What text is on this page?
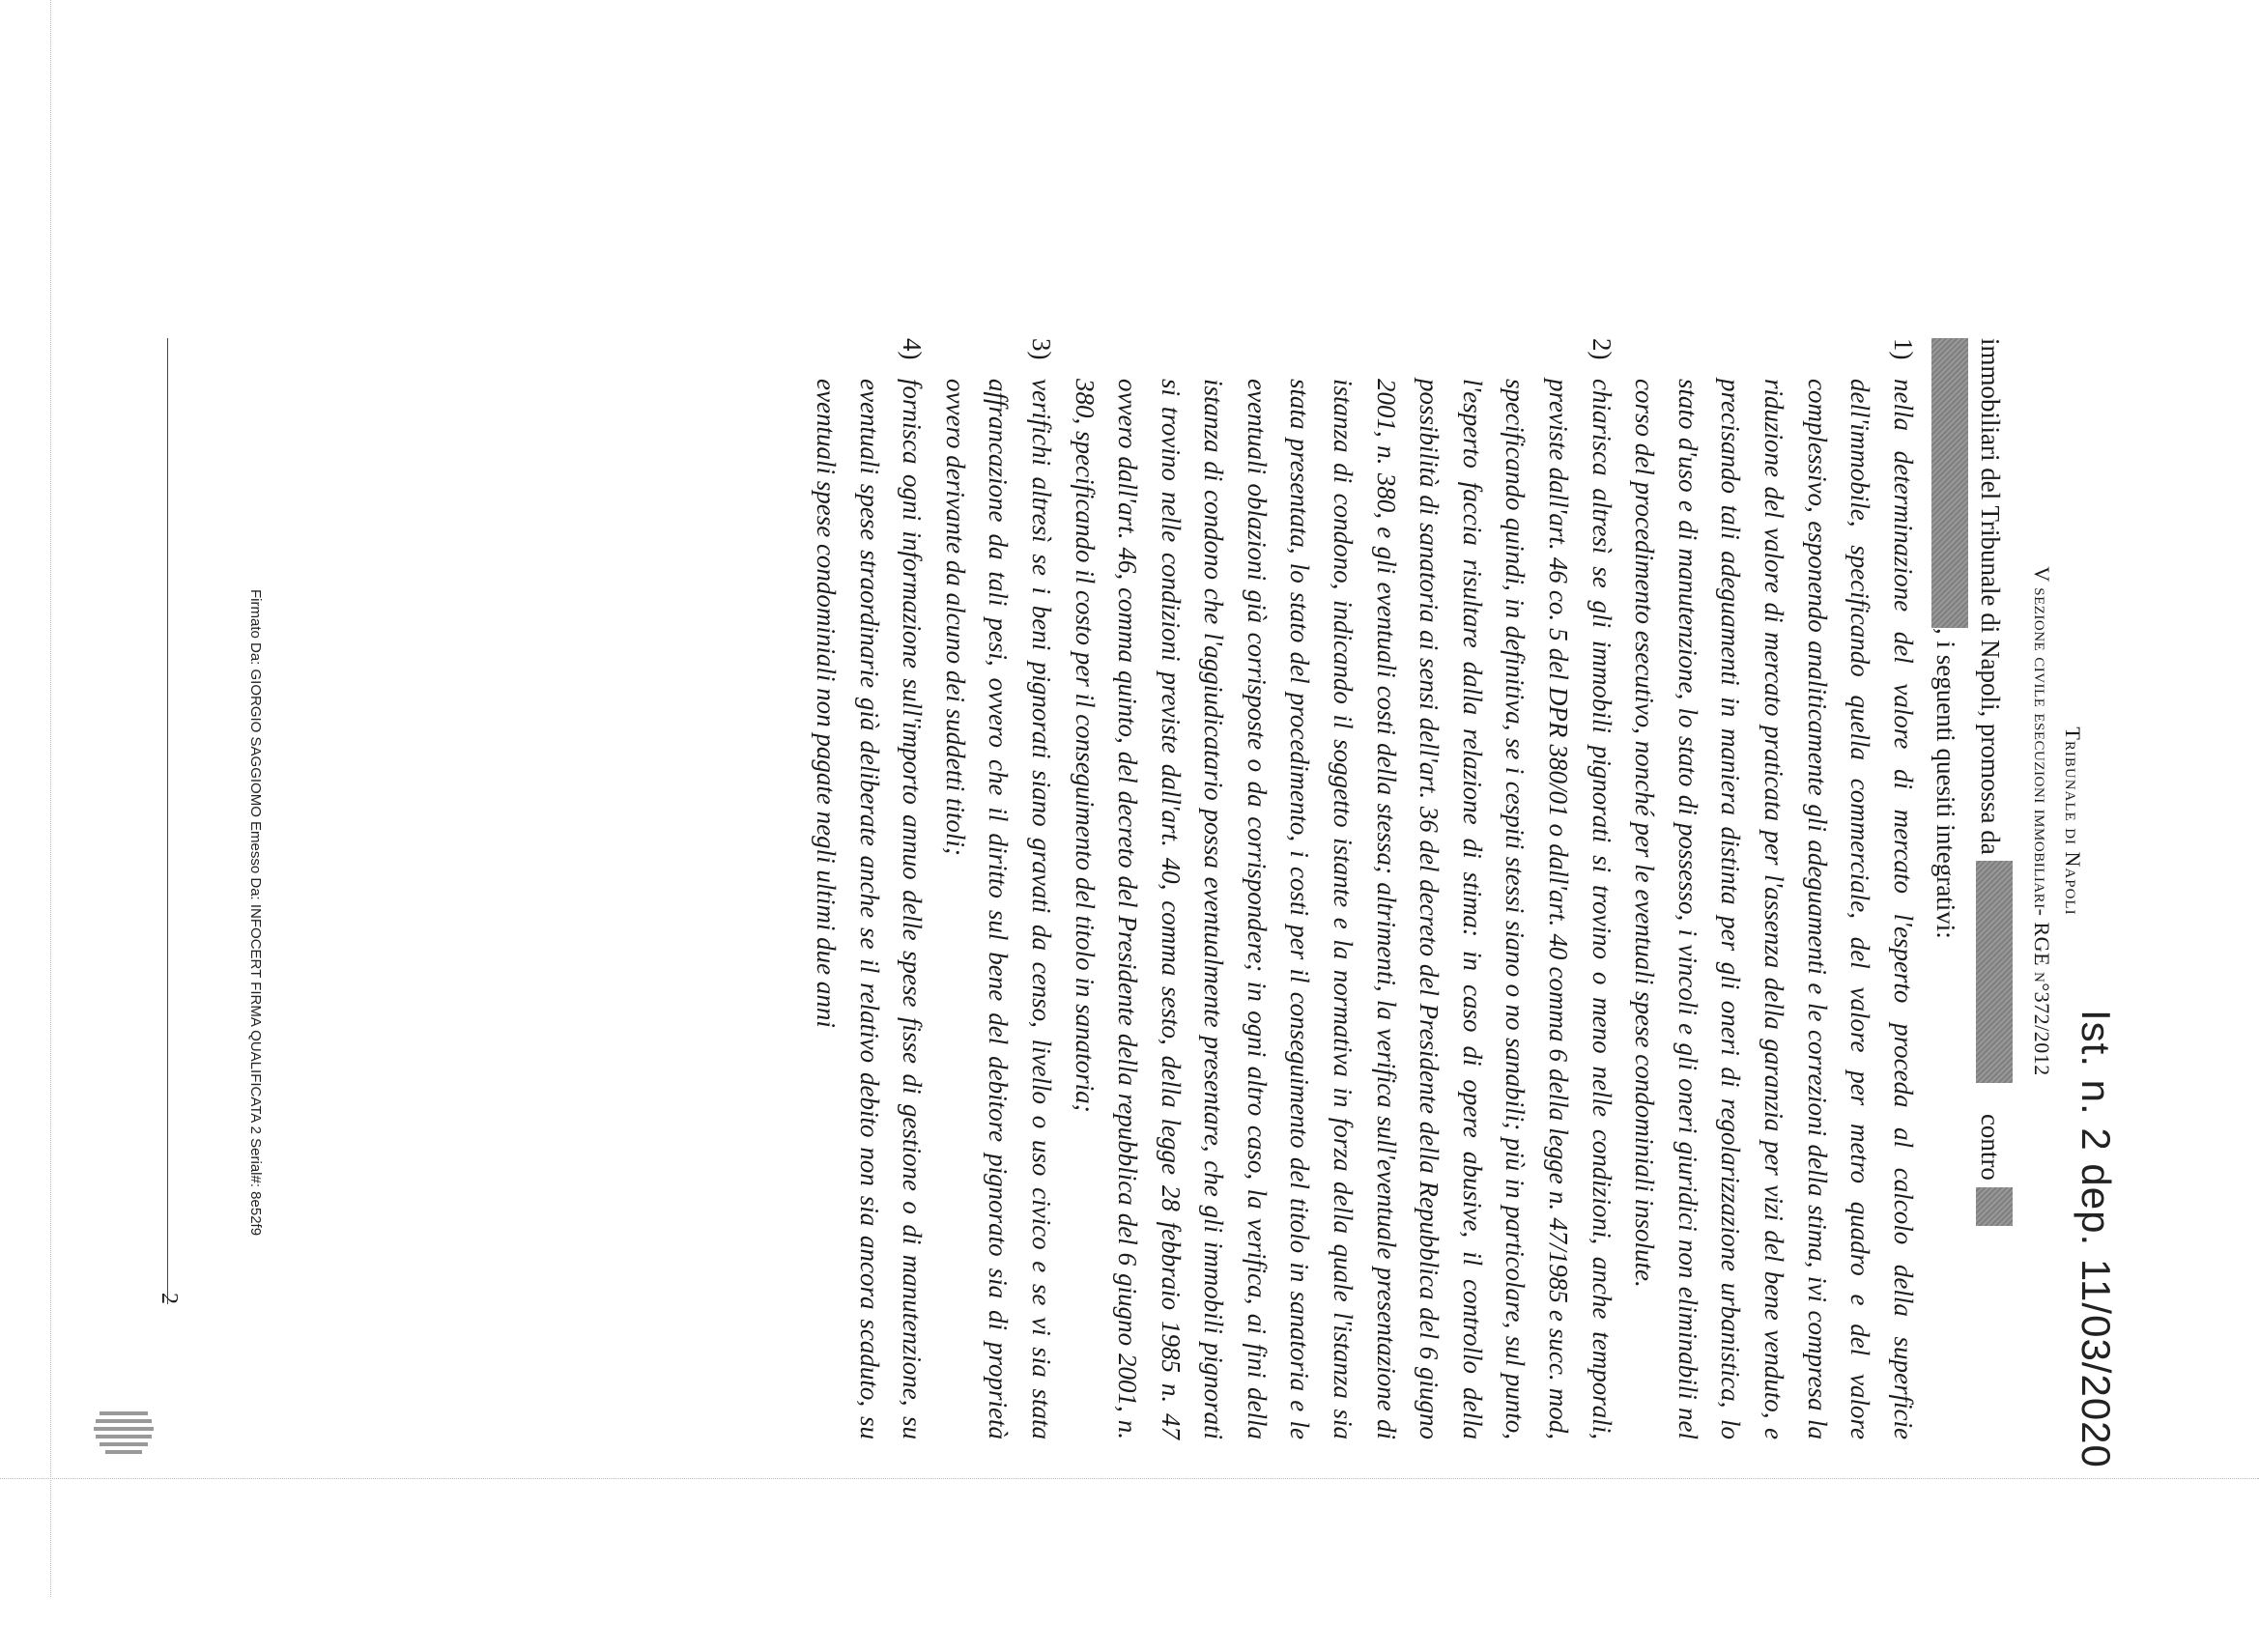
Ist. n. 2 dep. 11/03/2020
Tribunale di Napoli
V sezione civile esecuzioni immobiliari- RGE n°372/2012
immobiliari del Tribunale di Napoli, promossa da   contro
, i seguenti quesiti integrativi:
1)
nella determinazione del valore di mercato l'esperto proceda al calcolo della superficie dell'immobile, specificando quella commerciale, del valore per metro quadro e del valore complessivo, esponendo analiticamente gli adeguamenti e le correzioni della stima, ivi compresa la riduzione del valore di mercato praticata per l'assenza della garanzia per vizi del bene venduto, e precisando tali adeguamenti in maniera distinta per gli oneri di regolarizzazione urbanistica, lo stato d'uso e di manutenzione, lo stato di possesso, i vincoli e gli oneri giuridici non eliminabili nel corso del procedimento esecutivo, nonché per le eventuali spese condominiali insolute.
2)
chiarisca altresì se gli immobili pignorati si trovino o meno nelle condizioni, anche temporali, previste dall'art. 46 co. 5 del DPR 380/01 o dall'art. 40 comma 6 della legge n. 47/1985 e succ. mod, specificando quindi, in definitiva, se i cespiti stessi siano o no sanabili; più in particolare, sul punto, l'esperto faccia risultare dalla relazione di stima: in caso di opere abusive, il controllo della possibilità di sanatoria ai sensi dell'art. 36 del decreto del Presidente della Repubblica del 6 giugno 2001, n. 380, e gli eventuali costi della stessa; altrimenti, la verifica sull'eventuale presentazione di istanza di condono, indicando il soggetto istante e la normativa in forza della quale l'istanza sia stata presentata, lo stato del procedimento, i costi per il conseguimento del titolo in sanatoria e le eventuali oblazioni già corrisposte o da corrispondere; in ogni altro caso, la verifica, ai fini della istanza di condono che l'aggiudicatario possa eventualmente presentare, che gli immobili pignorati si trovino nelle condizioni previste dall'art. 40, comma sesto, della legge 28 febbraio 1985 n. 47 ovvero dall'art. 46, comma quinto, del decreto del Presidente della repubblica del 6 giugno 2001, n. 380, specificando il costo per il conseguimento del titolo in sanatoria;
3)
verifichi altresì se i beni pignorati siano gravati da censo, livello o uso civico e se vi sia stata affrancazione da tali pesi, ovvero che il diritto sul bene del debitore pignorato sia di proprietà ovvero derivante da alcuno dei suddetti titoli;
4)
fornisca ogni informazione sull'importo annuo delle spese fisse di gestione o di manutenzione, su eventuali spese straordinarie già deliberate anche se il relativo debito non sia ancora scaduto, su eventuali spese condominiali non pagate negli ultimi due anni
2
Firmato Da: GIORGIO SAGGIOMO Emesso Da: INFOCERT FIRMA QUALIFICATA 2 Serial#: 8e52f9
